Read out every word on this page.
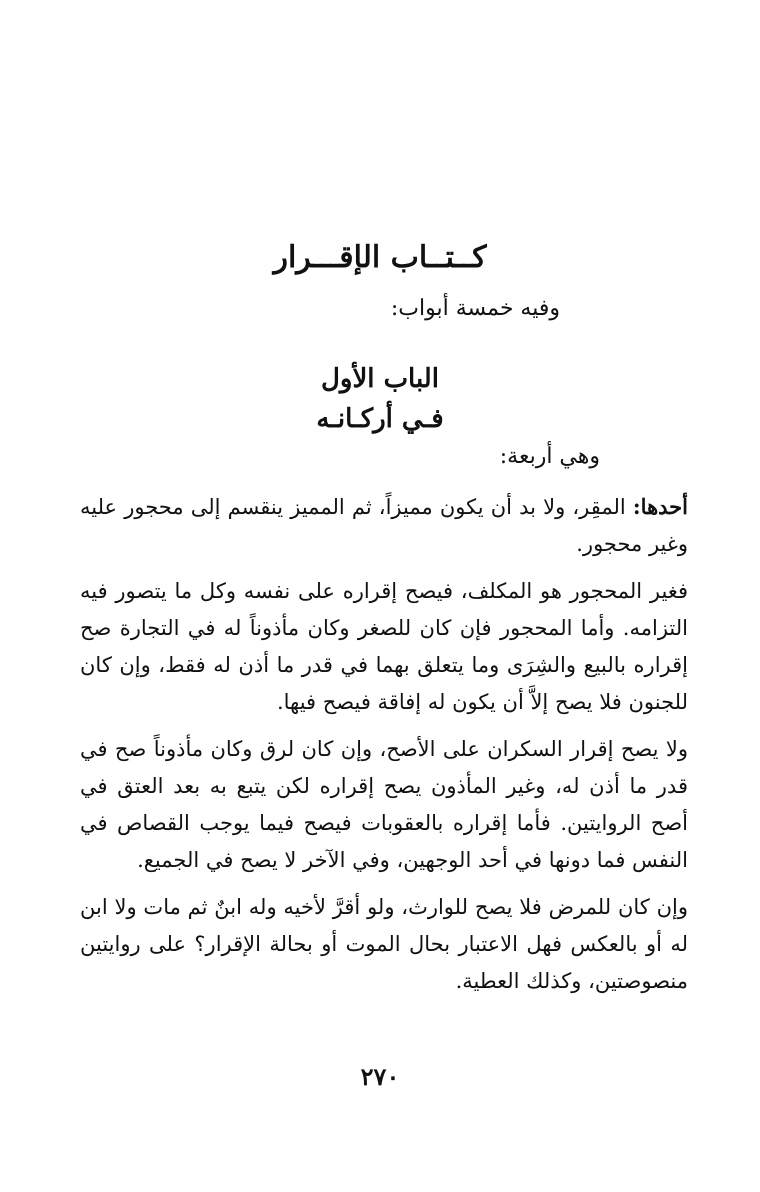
كــتــاب الإقـــرار
وفيه خمسة أبواب:
الباب الأول
فـي أركـانـه
وهي أربعة:

أحدها: المقِر، ولا بد أن يكون مميزاً، ثم المميز ينقسم إلى محجور عليه وغير محجور.

فغير المحجور هو المكلف، فيصح إقراره على نفسه وكل ما يتصور فيه التزامه. وأما المحجور فإن كان للصغر وكان مأذوناً له في التجارة صح إقراره بالبيع والشِرَى وما يتعلق بهما في قدر ما أذن له فقط، وإن كان للجنون فلا يصح إلاَّ أن يكون له إفاقة فيصح فيها.

ولا يصح إقرار السكران على الأصح، وإن كان لرق وكان مأذوناً صح في قدر ما أذن له، وغير المأذون يصح إقراره لكن يتبع به بعد العتق في أصح الروايتين. فأما إقراره بالعقوبات فيصح فيما يوجب القصاص في النفس فما دونها في أحد الوجهين، وفي الآخر لا يصح في الجميع.

وإن كان للمرض فلا يصح للوارث، ولو أقرَّ لأخيه وله ابنٌ ثم مات ولا ابن له أو بالعكس فهل الاعتبار بحال الموت أو بحالة الإقرار؟ على روايتين منصوصتين، وكذلك العطية.

٢٧٠
